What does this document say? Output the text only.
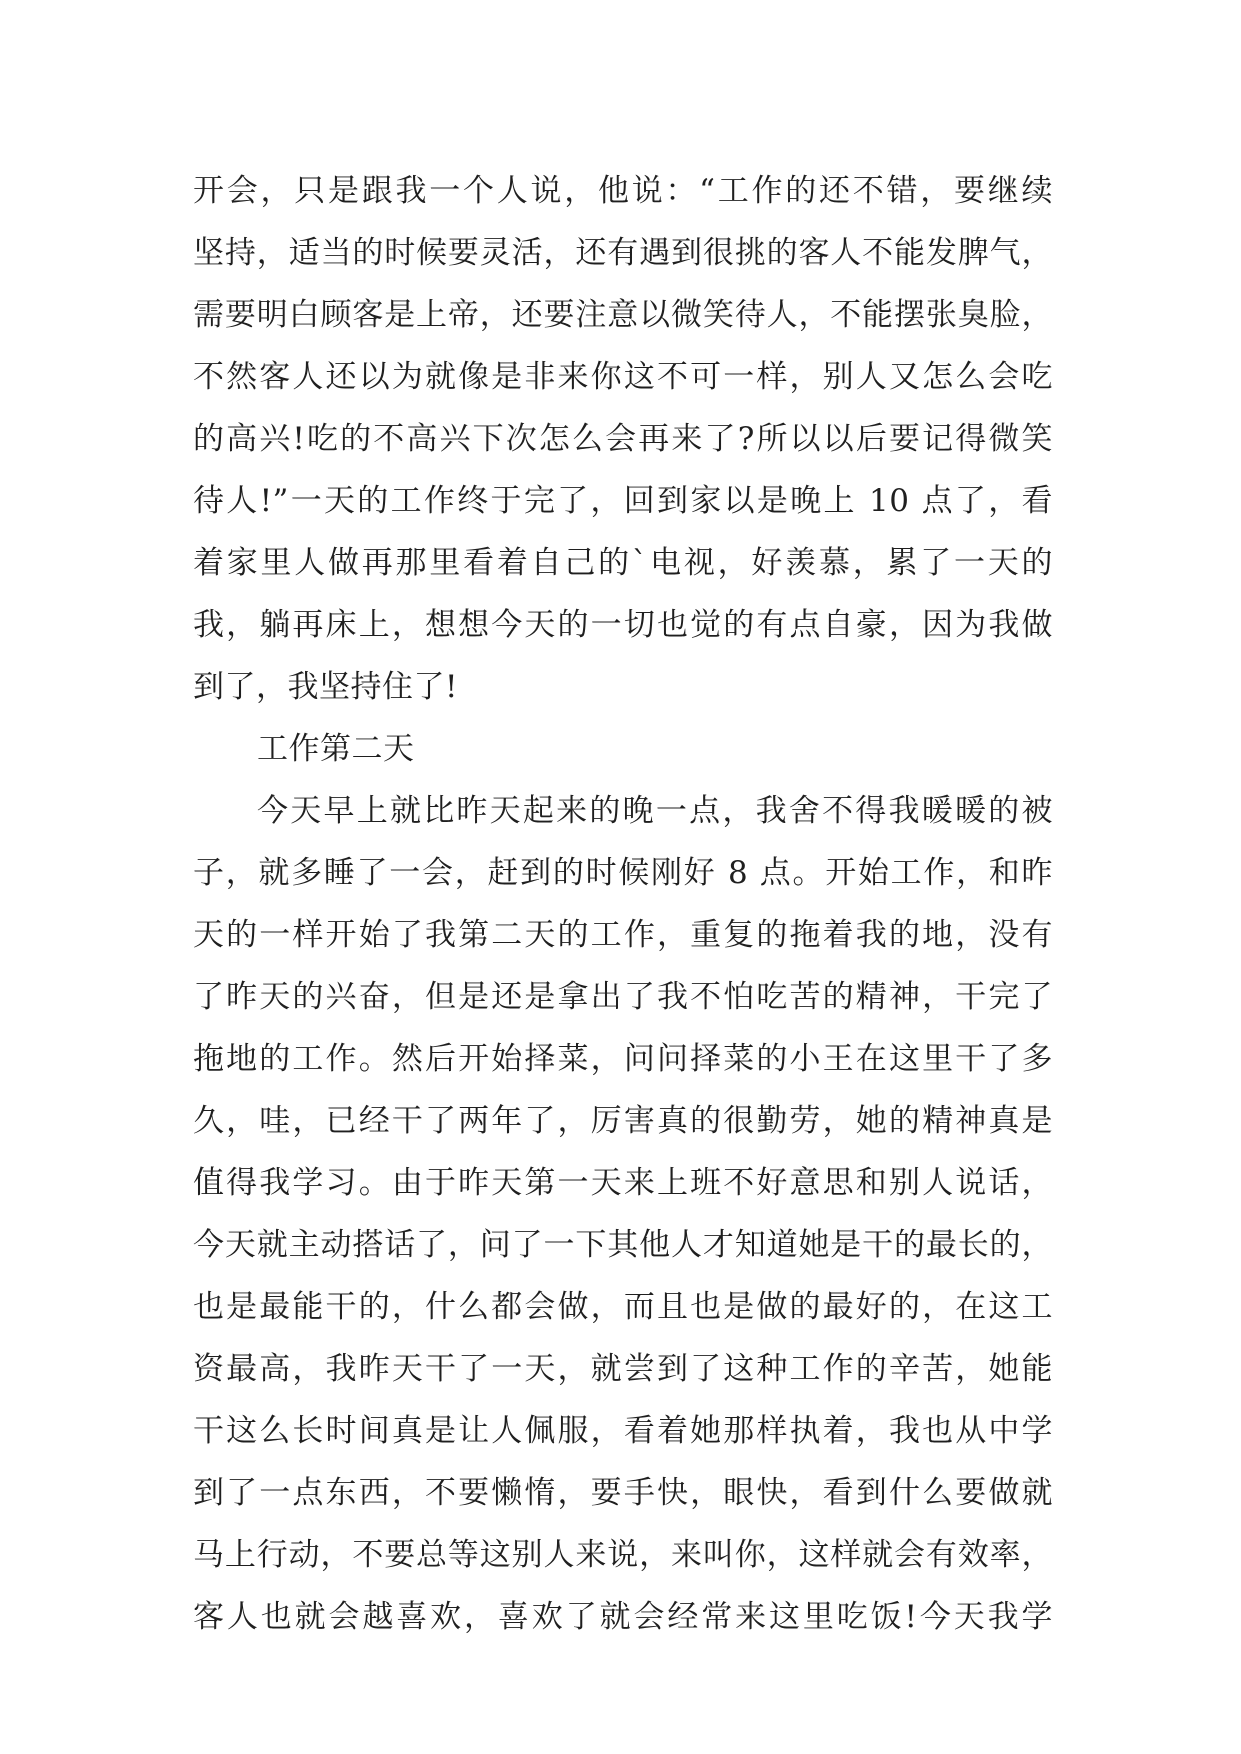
开会，只是跟我一个人说，他说：“工作的还不错，要继续
坚持，适当的时候要灵活，还有遇到很挑的客人不能发脾气，
需要明白顾客是上帝，还要注意以微笑待人，不能摆张臭脸，
不然客人还以为就像是非来你这不可一样，别人又怎么会吃
的高兴!吃的不高兴下次怎么会再来了?所以以后要记得微笑
待人!”一天的工作终于完了，回到家以是晚上 10 点了，看
着家里人做再那里看着自己的`电视，好羡慕，累了一天的
我，躺再床上，想想今天的一切也觉的有点自豪，因为我做
到了，我坚持住了!
工作第二天
今天早上就比昨天起来的晚一点，我舍不得我暖暖的被
子，就多睡了一会，赶到的时候刚好 8 点。开始工作，和昨
天的一样开始了我第二天的工作，重复的拖着我的地，没有
了昨天的兴奋，但是还是拿出了我不怕吃苦的精神，干完了
拖地的工作。然后开始择菜，问问择菜的小王在这里干了多
久，哇，已经干了两年了，厉害真的很勤劳，她的精神真是
值得我学习。由于昨天第一天来上班不好意思和别人说话，
今天就主动搭话了，问了一下其他人才知道她是干的最长的，
也是最能干的，什么都会做，而且也是做的最好的，在这工
资最高，我昨天干了一天，就尝到了这种工作的辛苦，她能
干这么长时间真是让人佩服，看着她那样执着，我也从中学
到了一点东西，不要懒惰，要手快，眼快，看到什么要做就
马上行动，不要总等这别人来说，来叫你，这样就会有效率，
客人也就会越喜欢，喜欢了就会经常来这里吃饭!今天我学
